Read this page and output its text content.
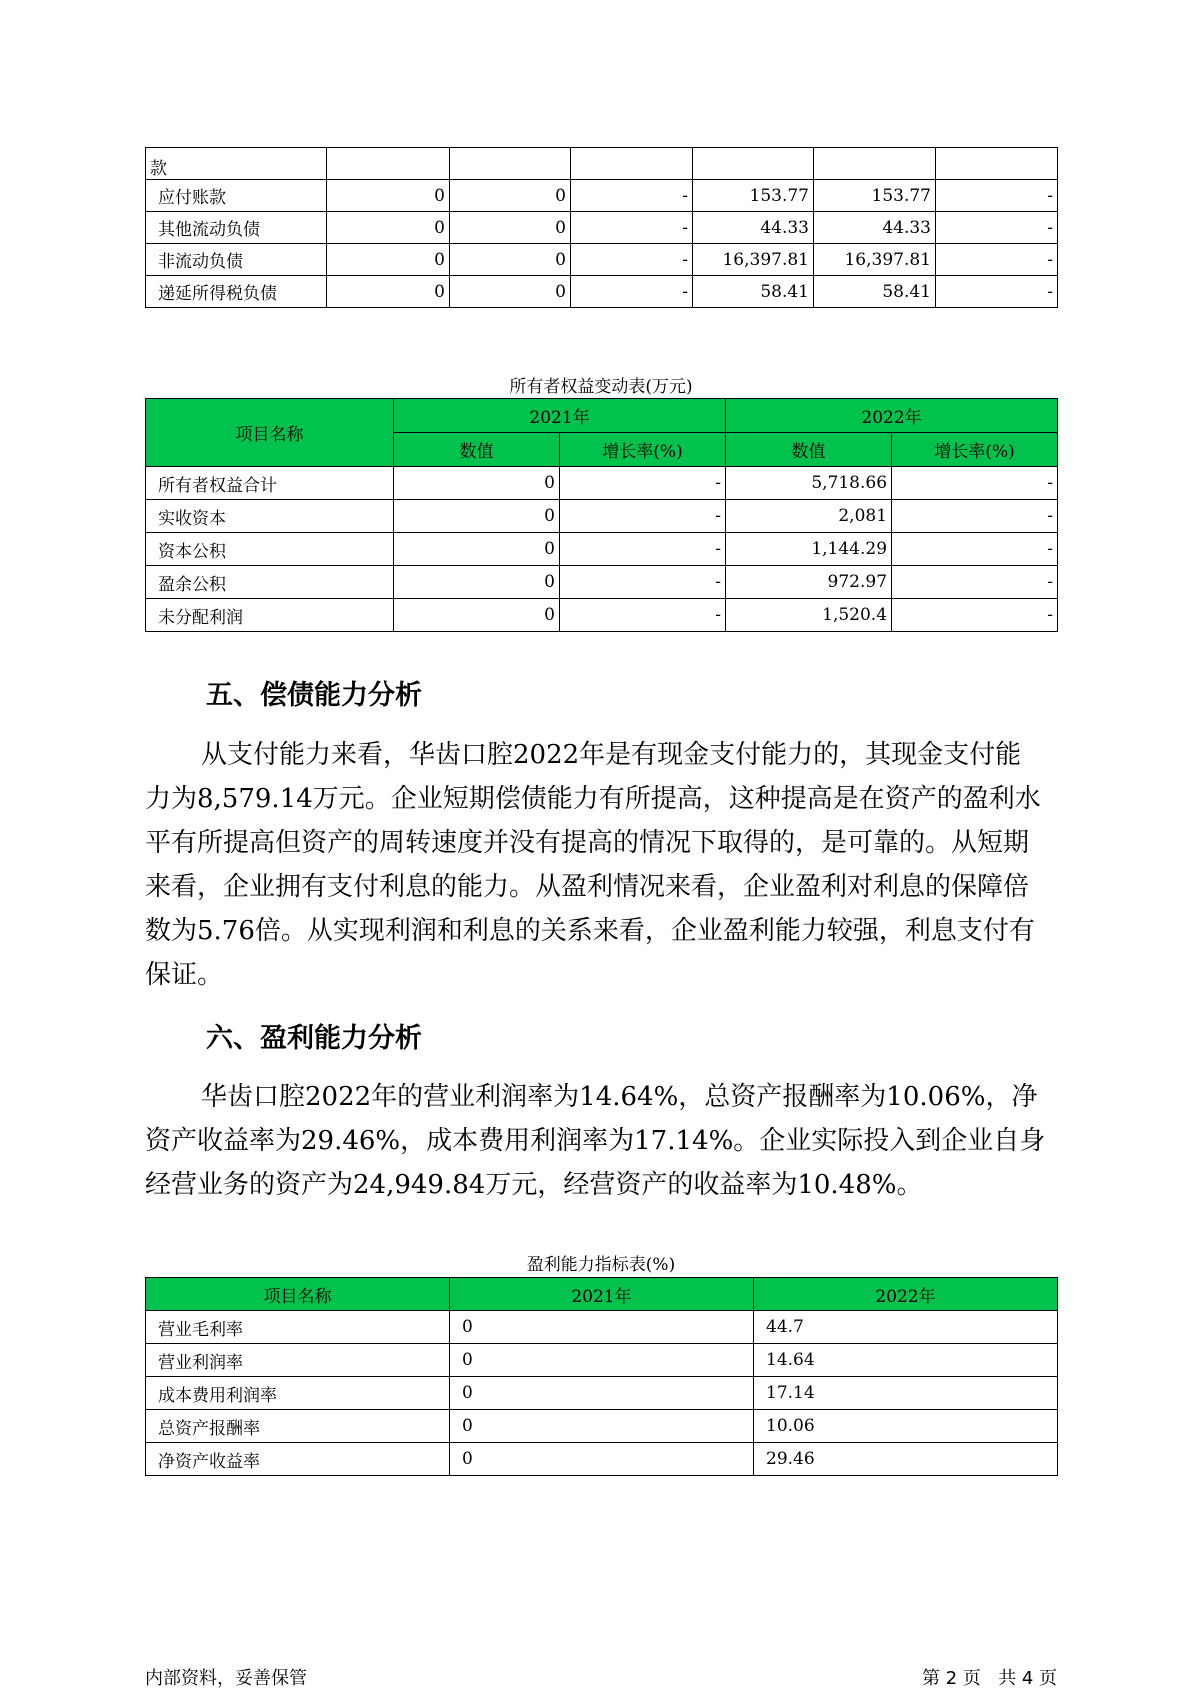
款						
应付账款	0	0	-	153.77	153.77	-
其他流动负债	0	0	-	44.33	44.33	-
非流动负债	0	0	-	16,397.81	16,397.81	-
递延所得税负债	0	0	-	58.41	58.41	-
所有者权益变动表(万元)
项目名称	2021年		2022年	
	数值	增长率(%)	数值	增长率(%)
所有者权益合计	0	-	5,718.66	-
实收资本	0	-	2,081	-
资本公积	0	-	1,144.29	-
盈余公积	0	-	972.97	-
未分配利润	0	-	1,520.4	-
五、偿债能力分析

从支付能力来看，华齿口腔2022年是有现金支付能力的，其现金支付能力为8,579.14万元。企业短期偿债能力有所提高，这种提高是在资产的盈利水平有所提高但资产的周转速度并没有提高的情况下取得的，是可靠的。从短期来看，企业拥有支付利息的能力。从盈利情况来看，企业盈利对利息的保障倍数为5.76倍。从实现利润和利息的关系来看，企业盈利能力较强，利息支付有保证。

六、盈利能力分析

华齿口腔2022年的营业利润率为14.64%，总资产报酬率为10.06%，净资产收益率为29.46%，成本费用利润率为17.14%。企业实际投入到企业自身经营业务的资产为24,949.84万元，经营资产的收益率为10.48%。

盈利能力指标表(%)
项目名称	2021年	2022年
营业毛利率	0	44.7
营业利润率	0	14.64
成本费用利润率	0	17.14
总资产报酬率	0	10.06
净资产收益率	0	29.46
内部资料，妥善保管	第 2 页   共 4 页
